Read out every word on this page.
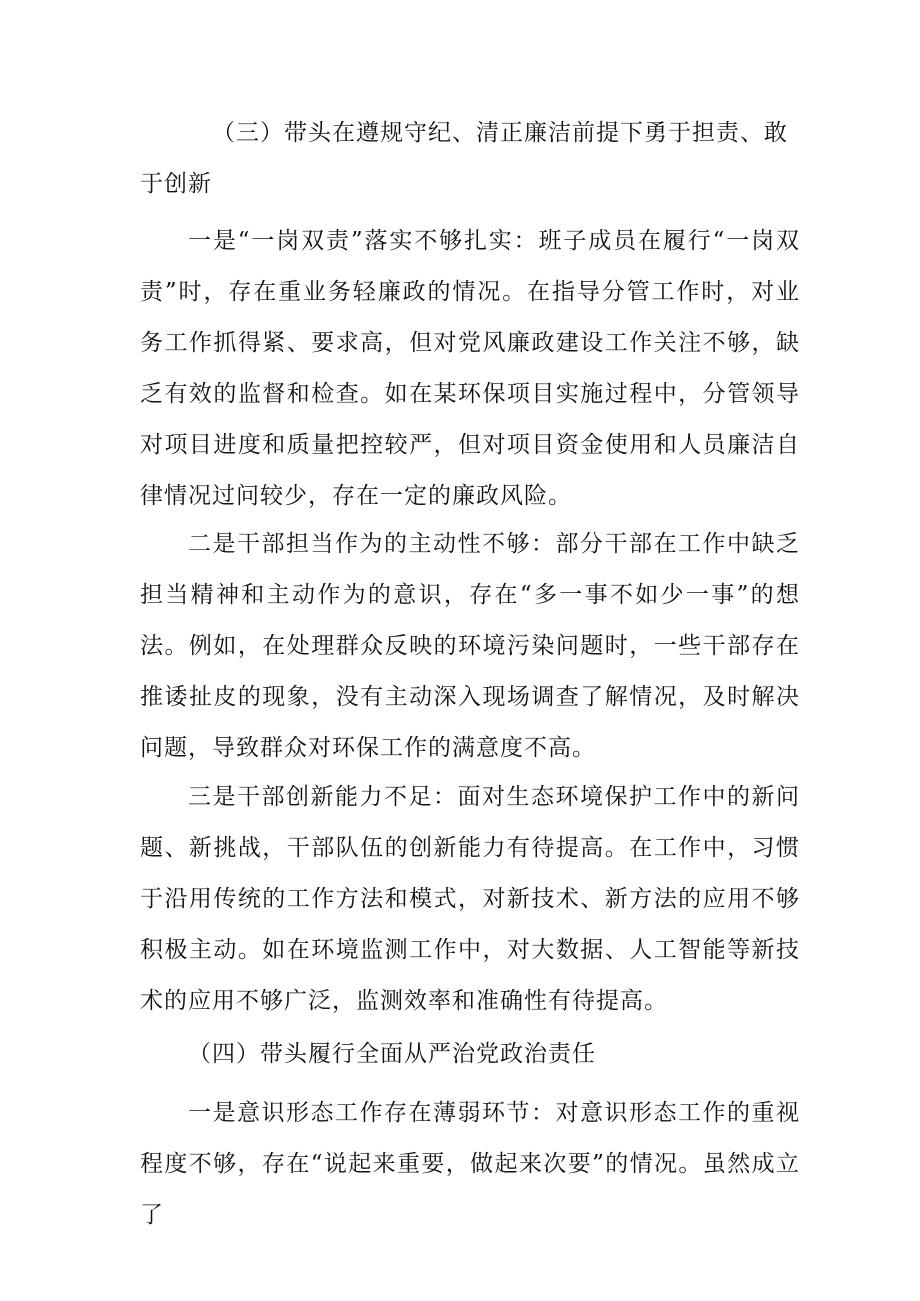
（三）带头在遵规守纪、清正廉洁前提下勇于担责、敢于创新

一是“一岗双责”落实不够扎实：班子成员在履行“一岗双责”时，存在重业务轻廉政的情况。在指导分管工作时，对业务工作抓得紧、要求高，但对党风廉政建设工作关注不够，缺乏有效的监督和检查。如在某环保项目实施过程中，分管领导对项目进度和质量把控较严，但对项目资金使用和人员廉洁自律情况过问较少，存在一定的廉政风险。

二是干部担当作为的主动性不够：部分干部在工作中缺乏担当精神和主动作为的意识，存在“多一事不如少一事”的想法。例如，在处理群众反映的环境污染问题时，一些干部存在推诿扯皮的现象，没有主动深入现场调查了解情况，及时解决问题，导致群众对环保工作的满意度不高。

三是干部创新能力不足：面对生态环境保护工作中的新问题、新挑战，干部队伍的创新能力有待提高。在工作中，习惯于沿用传统的工作方法和模式，对新技术、新方法的应用不够积极主动。如在环境监测工作中，对大数据、人工智能等新技术的应用不够广泛，监测效率和准确性有待提高。

（四）带头履行全面从严治党政治责任

一是意识形态工作存在薄弱环节：对意识形态工作的重视程度不够，存在“说起来重要，做起来次要”的情况。虽然成立了
